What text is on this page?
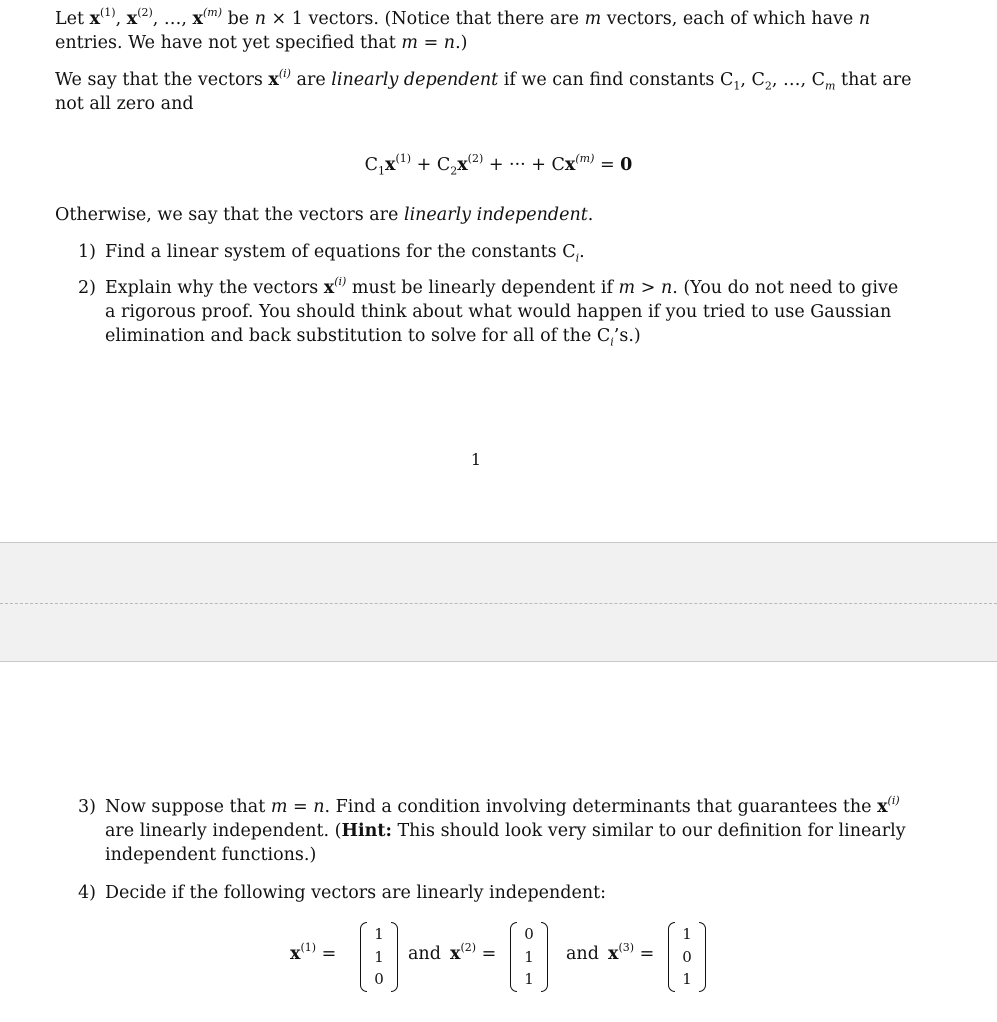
Let $x^{(1)}$, $x^{(2)}$, …, $x^{(m)}$ be n × 1 vectors. (Notice that there are m vectors, each of which have n
entries. We have not yet specified that m = n.)

We say that the vectors $x^{(i)}$ are linearly dependent if we can find constants $C_1$, $C_2$, …, $C_m$ that are
not all zero and

$C_1x^{(1)} + C_2x^{(2)}$ + ··· + $Cx^{(m)} = 0$

Otherwise, we say that the vectors are linearly independent.

1) Find a linear system of equations for the constants $C_i$.
2) Explain why the vectors $x^{(i)}$ must be linearly dependent if m > n. (You do not need to give
a rigorous proof. You should think about what would happen if you tried to use Gaussian
elimination and back substitution to solve for all of the $C_i’s$.)
1
3) Now suppose that m = n. Find a condition involving determinants that guarantees the $x^{(i)}$
are linearly independent. (Hint: This should look very similar to our definition for linearly
independent functions.)
4) Decide if the following vectors are linearly independent:
$x^{(1)}$ =
1
1
0
and $x^{(2)}$ =
0
1
1
and $x^{(3)}$ =
1
0
1
